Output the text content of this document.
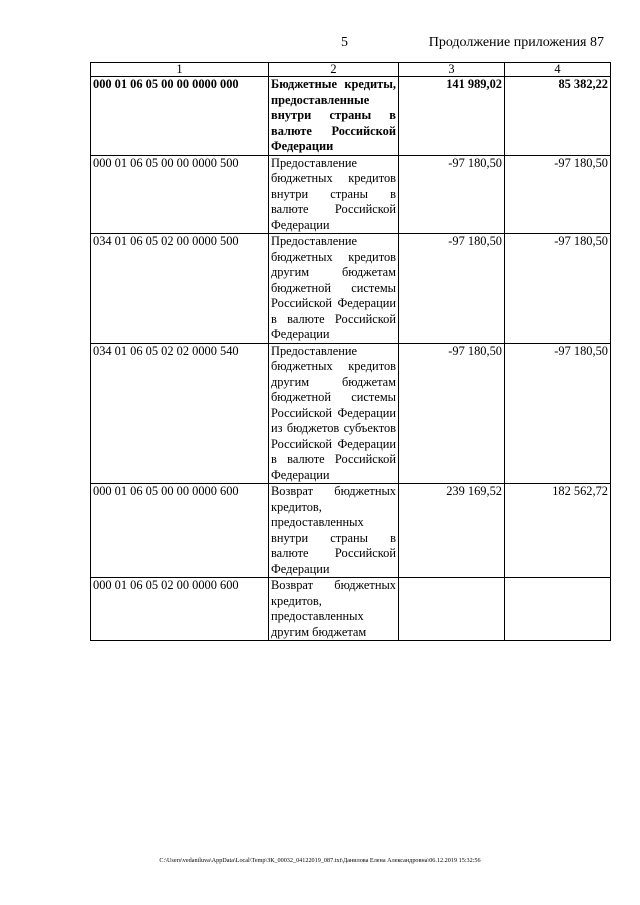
5	Продолжение приложения 87
1	2	3	4
000 01 06 05 00 00 0000 000	Бюджетные кредиты, предоставленные внутри страны в валюте Российской Федерации	141 989,02	85 382,22
000 01 06 05 00 00 0000 500	Предоставление бюджетных кредитов внутри страны в валюте Российской Федерации	-97 180,50	-97 180,50
034 01 06 05 02 00 0000 500	Предоставление бюджетных кредитов другим бюджетам бюджетной системы Российской Федерации в валюте Российской Федерации	-97 180,50	-97 180,50
034 01 06 05 02 02 0000 540	Предоставление бюджетных кредитов другим бюджетам бюджетной системы Российской Федерации из бюджетов субъектов Российской Федерации в валюте Российской Федерации	-97 180,50	-97 180,50
000 01 06 05 00 00 0000 600	Возврат бюджетных кредитов, предоставленных внутри страны в валюте Российской Федерации	239 169,52	182 562,72
000 01 06 05 02 00 0000 600	Возврат бюджетных кредитов, предоставленных другим бюджетам		
C:\Users\vedaniluva\AppData\Local\Temp\ЗК_00032_04122019_087.txt\Данилова Елена Александровна\06.12.2019 15:32:56
